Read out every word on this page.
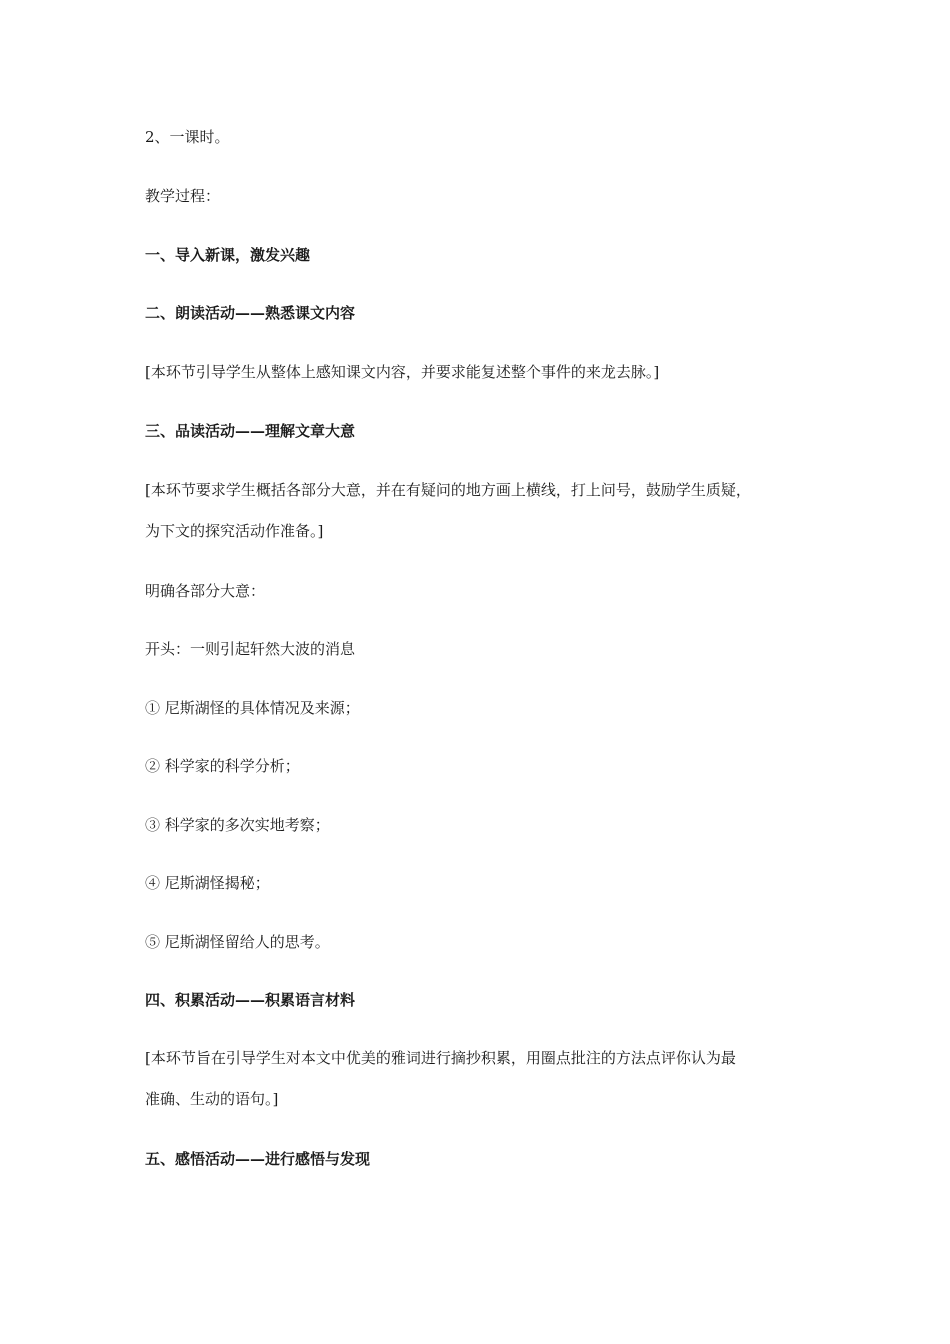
2、一课时。
教学过程：
一、导入新课，激发兴趣
二、朗读活动——熟悉课文内容
[本环节引导学生从整体上感知课文内容，并要求能复述整个事件的来龙去脉。]
三、品读活动——理解文章大意
[本环节要求学生概括各部分大意，并在有疑问的地方画上横线，打上问号，鼓励学生质疑，
为下文的探究活动作准备。]
明确各部分大意：
开头：一则引起轩然大波的消息
① 尼斯湖怪的具体情况及来源；
② 科学家的科学分析；
③ 科学家的多次实地考察；
④ 尼斯湖怪揭秘；
⑤ 尼斯湖怪留给人的思考。
四、积累活动——积累语言材料
[本环节旨在引导学生对本文中优美的雅词进行摘抄积累，用圈点批注的方法点评你认为最
准确、生动的语句。]
五、感悟活动——进行感悟与发现
